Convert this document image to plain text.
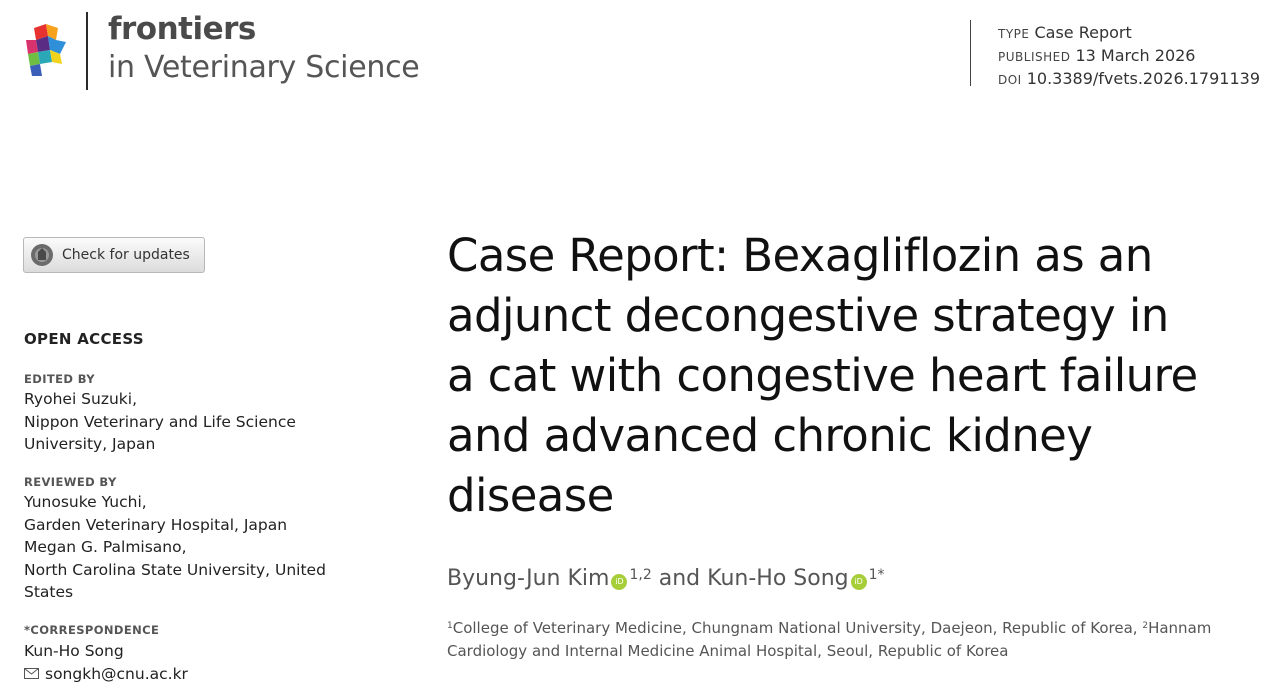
frontiers
in Veterinary Science
TYPE Case Report
PUBLISHED 13 March 2026
DOI 10.3389/fvets.2026.1791139
Check for updates
OPEN ACCESS
EDITED BY
Ryohei Suzuki,
Nippon Veterinary and Life Science
University, Japan
REVIEWED BY
Yunosuke Yuchi,
Garden Veterinary Hospital, Japan
Megan G. Palmisano,
North Carolina State University, United
States
*CORRESPONDENCE
Kun-Ho Song
songkh@cnu.ac.kr
Case Report: Bexagliflozin as an
adjunct decongestive strategy in
a cat with congestive heart failure
and advanced chronic kidney
disease
Byung-Jun Kim iD $^{1,2}$ and Kun-Ho Song iD $^{1*}$
$^1$College of Veterinary Medicine, Chungnam National University, Daejeon, Republic of Korea, $^2$Hannam Cardiology and Internal Medicine Animal Hospital, Seoul, Republic of Korea
